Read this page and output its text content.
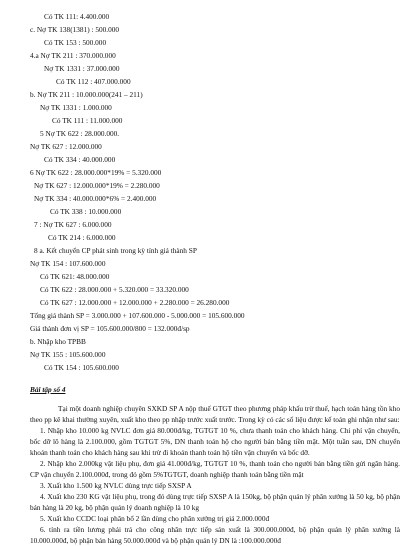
Có TK 111: 4.400.000
c. Nợ TK 138(1381) : 500.000
Có TK 153 : 500.000
4.a Nợ TK 211 : 370.000.000
Nợ TK 1331 : 37.000.000
Có TK 112 : 407.000.000
b. Nợ TK 211 : 10.000.000(241 – 211)
Nợ TK 1331 : 1.000.000
Có TK 111 : 11.000.000
5 Nợ TK 622 : 28.000.000.
Nợ TK 627 : 12.000.000
Có TK 334 : 40.000.000
6 Nợ TK 622 : 28.000.000*19% = 5.320.000
Nợ TK 627 : 12.000.000*19% = 2.280.000
Nợ TK 334 : 40.000.000*6% = 2.400.000
Có TK 338 : 10.000.000
7 : Nợ TK 627 : 6.000.000
Có TK 214 : 6.000.000
8 a. Kết chuyển CP phát sinh trong kỳ tính giá thành SP
Nợ TK 154 : 107.600.000
Có TK 621: 48.000.000
Có TK 622 : 28.000.000 + 5.320.000 = 33.320.000
Có TK 627 : 12.000.000 + 12.000.000 + 2.280.000 = 26.280.000
Tổng giá thành SP = 3.000.000 + 107.600.000 - 5.000.000 = 105.600.000
Giá thành đơn vị SP = 105.600.000/800 = 132.000đ/sp
b. Nhập kho TPBB
Nợ TK 155 : 105.600.000
Có TK 154 : 105.600.000
Bài tập số 4

Tại một doanh nghiệp chuyên SXKD SP A nộp thuế GTGT theo phương pháp khấu trừ thuế, hạch toán hàng tồn kho theo pp kê khai thường xuyên, xuất kho theo pp nhập trước xuất trước. Trong kỳ có các số liệu được kế toán ghi nhận như sau:

1. Nhập kho 10.000 kg NVLC đơn giá 80.000đ/kg, TGTGT 10 %, chưa thanh toán cho khách hàng. Chi phí vận chuyển, bốc dỡ lô hàng là 2.100.000, gồm TGTGT 5%, DN thanh toán hộ cho người bán bằng tiền mặt. Một tuần sau, DN chuyển khoản thanh toán cho khách hàng sau khi trừ đi khoản thanh toán hộ tiền vận chuyển và bốc dỡ.

2. Nhập kho 2.000kg vật liệu phụ, đơn giá 41.000đ/kg, TGTGT 10 %, thanh toán cho người bán bằng tiền gửi ngân hàng. CP vận chuyển 2.100.000đ, trong đó gồm 5%TGTGT, doanh nghiệp thanh toán bằng tiền mặt

3. Xuất kho 1.500 kg NVLC dùng trực tiếp SXSP A

4. Xuất kho 230 KG vật liệu phụ, trong đó dùng trực tiếp SXSP A là 150kg, bộ phận quản lý phân xưởng là 50 kg, bộ phận bán hàng là 20 kg, bộ phận quản lý doanh nghiệp là 10 kg

5. Xuất kho CCDC loại phân bổ 2 lần dùng cho phân xưởng trị giá 2.000.000đ

6. tính ra tiền lương phải trả cho công nhân trực tiếp sản xuất là 300.000.000đ, bộ phận quản lý phân xưởng là 10.000.000đ, bộ phận bán hàng 50.000.000đ và bộ phận quản lý DN là :100.000.000đ
